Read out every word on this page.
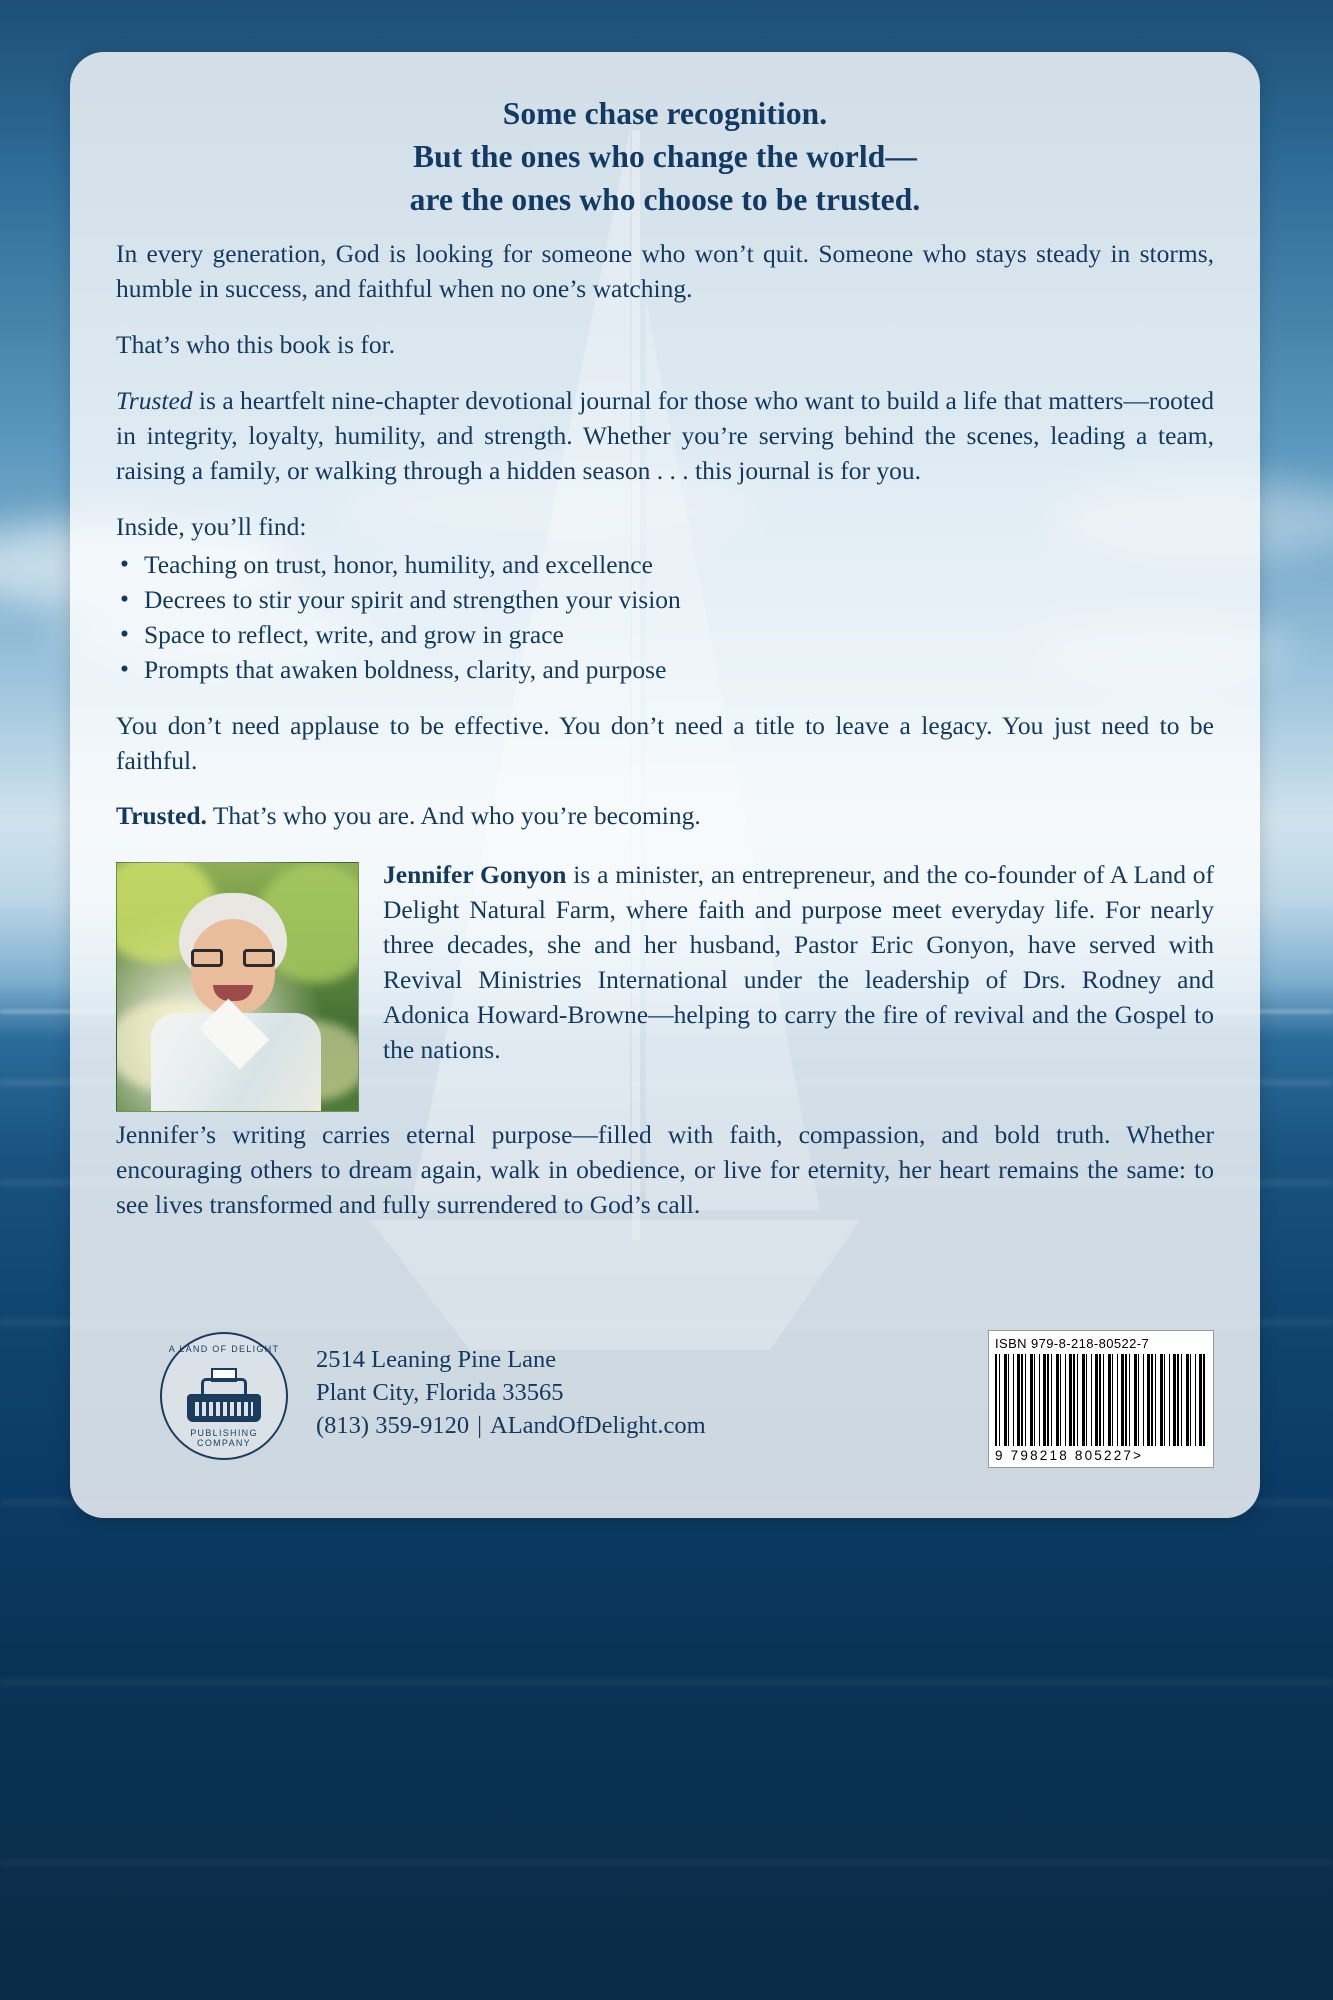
Some chase recognition.
But the ones who change the world—
are the ones who choose to be trusted.

In every generation, God is looking for someone who won’t quit. Someone who stays steady in storms, humble in success, and faithful when no one’s watching.

That’s who this book is for.

Trusted is a heartfelt nine-chapter devotional journal for those who want to build a life that matters—rooted in integrity, loyalty, humility, and strength. Whether you’re serving behind the scenes, leading a team, raising a family, or walking through a hidden season . . . this journal is for you.

Inside, you’ll find:

• Teaching on trust, honor, humility, and excellence
• Decrees to stir your spirit and strengthen your vision
• Space to reflect, write, and grow in grace
• Prompts that awaken boldness, clarity, and purpose

You don’t need applause to be effective. You don’t need a title to leave a legacy. You just need to be faithful.

Trusted. That’s who you are. And who you’re becoming.

Jennifer Gonyon is a minister, an entrepreneur, and the co-founder of A Land of Delight Natural Farm, where faith and purpose meet everyday life. For nearly three decades, she and her husband, Pastor Eric Gonyon, have served with Revival Ministries International under the leadership of Drs. Rodney and Adonica Howard-Browne—helping to carry the fire of revival and the Gospel to the nations.

Jennifer’s writing carries eternal purpose—filled with faith, compassion, and bold truth. Whether encouraging others to dream again, walk in obedience, or live for eternity, her heart remains the same: to see lives transformed and fully surrendered to God’s call.

A LAND OF DELIGHT
PUBLISHING COMPANY
2514 Leaning Pine Lane
Plant City, Florida 33565
(813) 359-9120 | ALandOfDelight.com
ISBN 979-8-218-80522-7
9 798218 805227>
